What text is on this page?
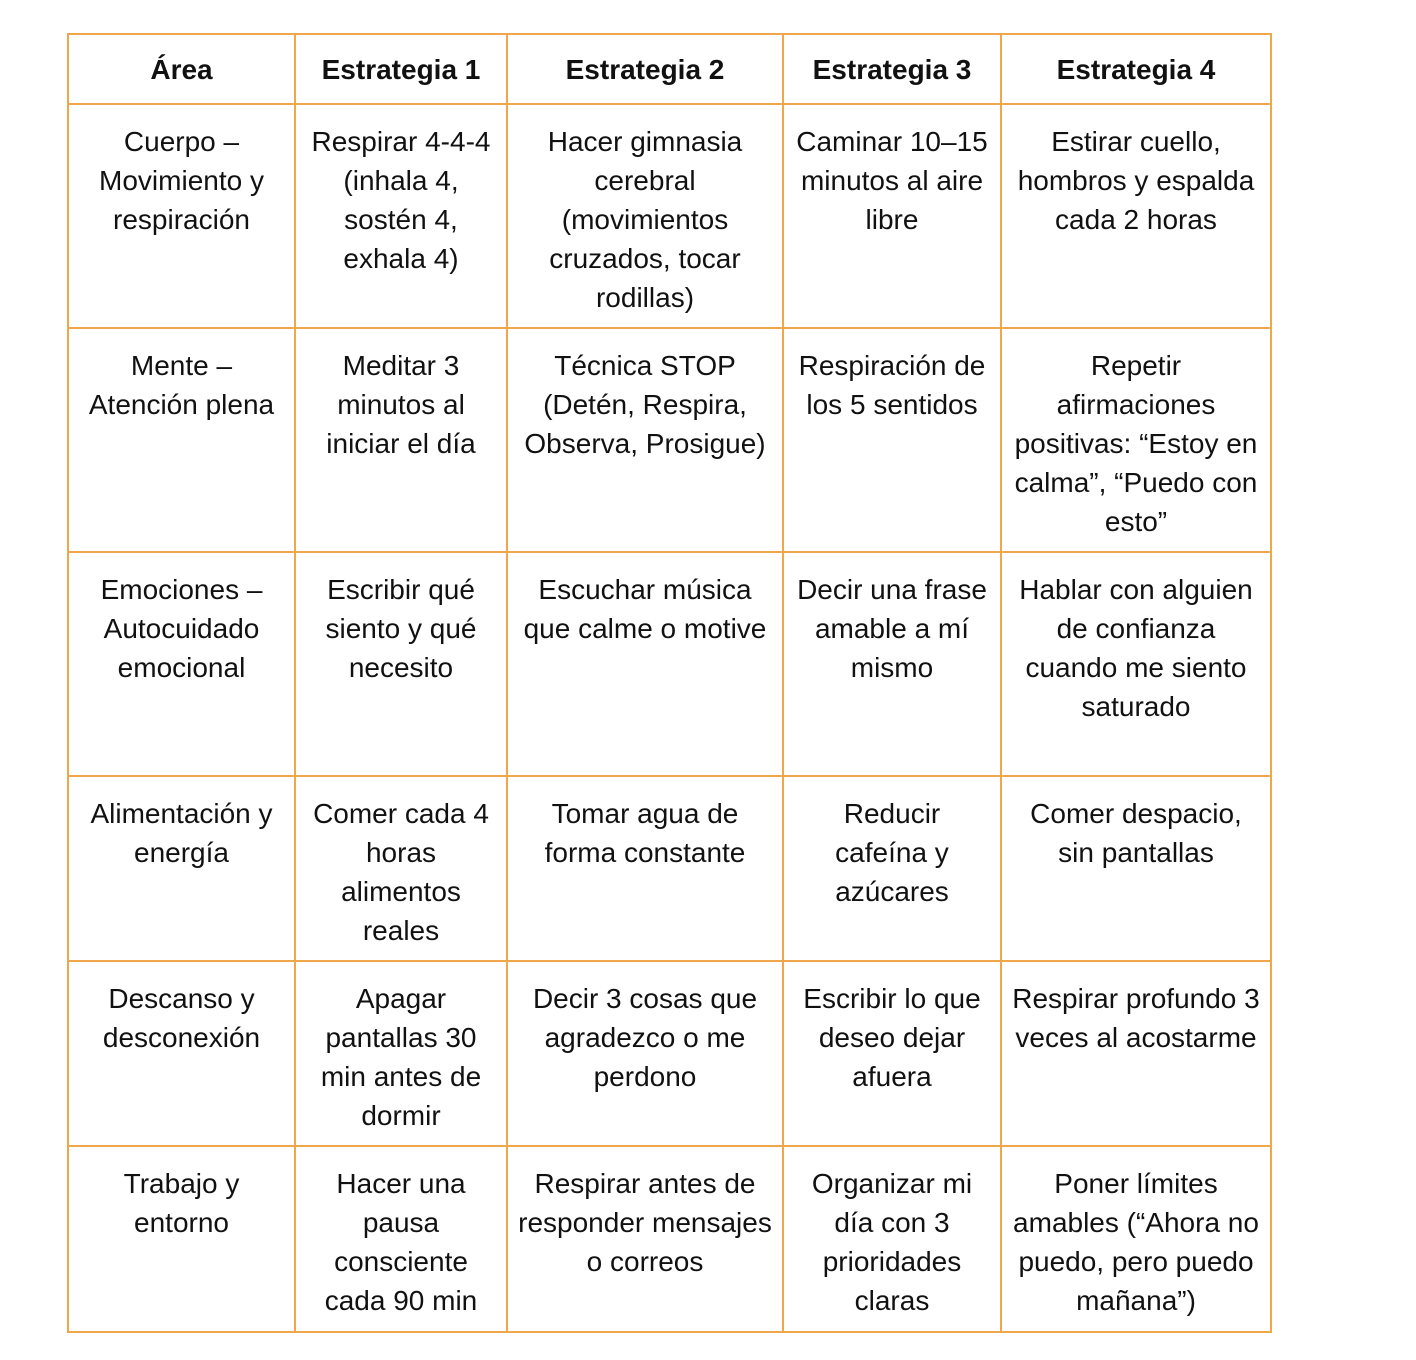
Área	Estrategia 1	Estrategia 2	Estrategia 3	Estrategia 4
Cuerpo – Movimiento y respiración	Respirar 4-4-4 (inhala 4, sostén 4, exhala 4)	Hacer gimnasia cerebral (movimientos cruzados, tocar rodillas)	Caminar 10–15 minutos al aire libre	Estirar cuello, hombros y espalda cada 2 horas
Mente – Atención plena	Meditar 3 minutos al iniciar el día	Técnica STOP (Detén, Respira, Observa, Prosigue)	Respiración de los 5 sentidos	Repetir afirmaciones positivas: “Estoy en calma”, “Puedo con esto”
Emociones – Autocuidado emocional	Escribir qué siento y qué necesito	Escuchar música que calme o motive	Decir una frase amable a mí mismo	Hablar con alguien de confianza cuando me siento saturado
Alimentación y energía	Comer cada 4 horas alimentos reales	Tomar agua de forma constante	Reducir cafeína y azúcares	Comer despacio, sin pantallas
Descanso y desconexión	Apagar pantallas 30 min antes de dormir	Decir 3 cosas que agradezco o me perdono	Escribir lo que deseo dejar afuera	Respirar profundo 3 veces al acostarme
Trabajo y entorno	Hacer una pausa consciente cada 90 min	Respirar antes de responder mensajes o correos	Organizar mi día con 3 prioridades claras	Poner límites amables (“Ahora no puedo, pero puedo mañana”)
